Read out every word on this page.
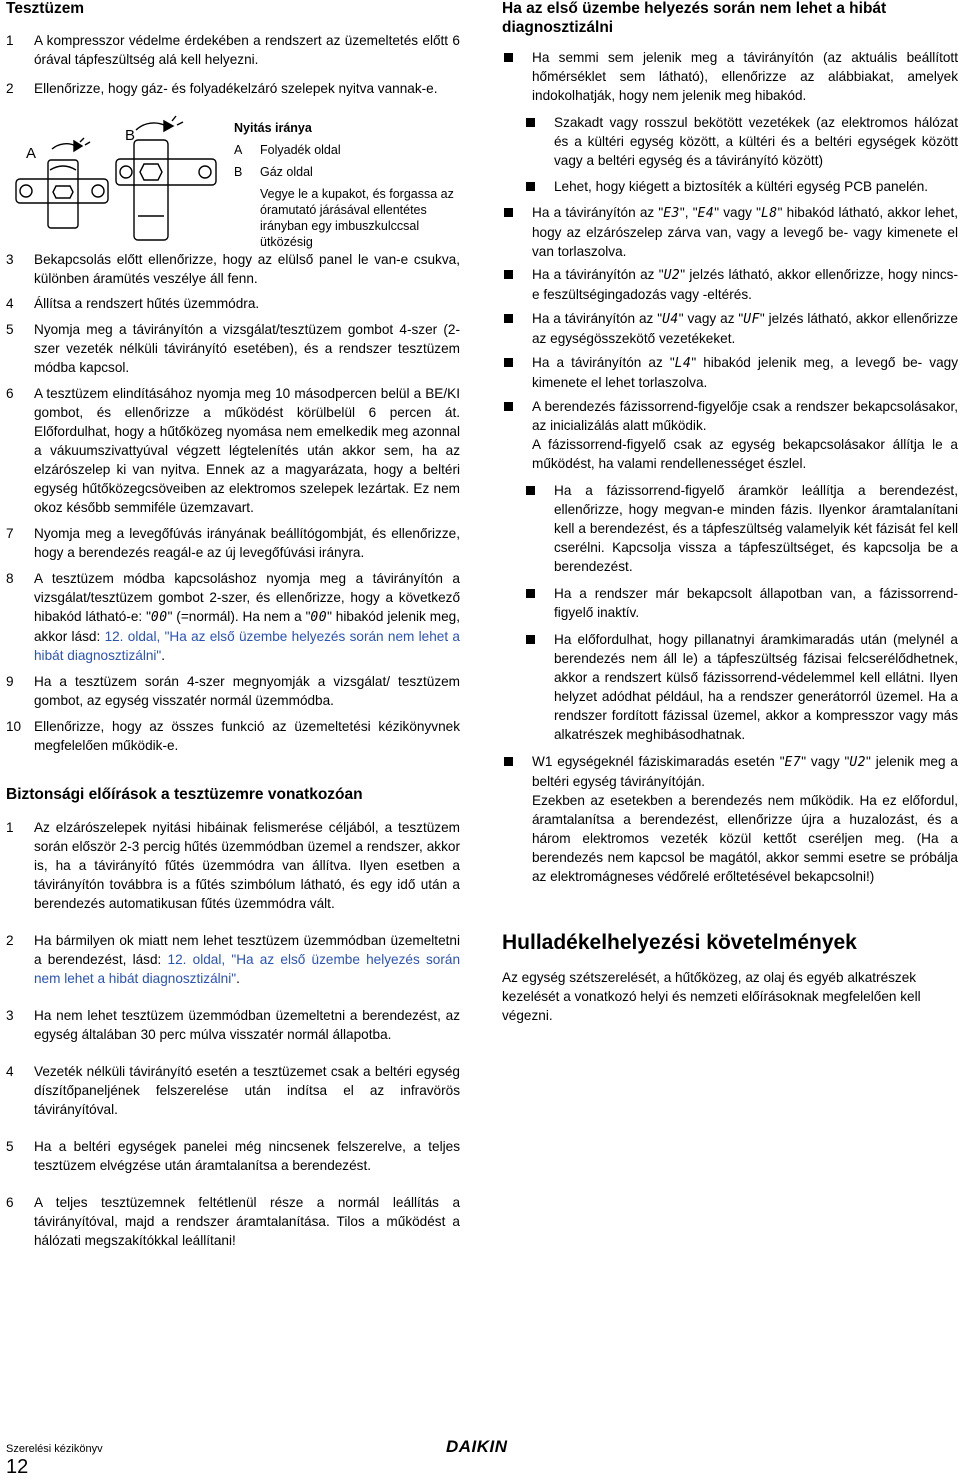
Tesztüzem
1 A kompresszor védelme érdekében a rendszert az üzemeltetés előtt 6 órával tápfeszültség alá kell helyezni.
2 Ellenőrizze, hogy gáz- és folyadékelzáró szelepek nyitva vannak-e.
A
B	Nyitás iránya
A Folyadék oldal
B Gáz oldal
Vegye le a kupakot, és forgassa az óramutató járásával ellentétes irányban egy imbuszkulccsal ütközésig
3 Bekapcsolás előtt ellenőrizze, hogy az elülső panel le van-e csukva, különben áramütés veszélye áll fenn.
4 Állítsa a rendszert hűtés üzemmódra.
5 Nyomja meg a távirányítón a vizsgálat/tesztüzem gombot 4-szer (2-szer vezeték nélküli távirányító esetében), és a rendszer tesztüzem módba kapcsol.
6 A tesztüzem elindításához nyomja meg 10 másodpercen belül a BE/KI gombot, és ellenőrizze a működést körülbelül 6 percen át. Előfordulhat, hogy a hűtőközeg nyomása nem emelkedik meg azonnal a vákuumszivattyúval végzett légtelenítés után akkor sem, ha az elzárószelep ki van nyitva. Ennek az a magyarázata, hogy a beltéri egység hűtőközegcsöveiben az elektromos szelepek lezártak. Ez nem okoz később semmiféle üzemzavart.
7 Nyomja meg a levegőfúvás irányának beállítógombját, és ellenőrizze, hogy a berendezés reagál-e az új levegőfúvási irányra.
8 A tesztüzem módba kapcsoláshoz nyomja meg a távirányítón a vizsgálat/tesztüzem gombot 2-szer, és ellenőrizze, hogy a következő hibakód látható-e: "00" (=normál). Ha nem a "00" hibakód jelenik meg, akkor lásd: 12. oldal, "Ha az első üzembe helyezés során nem lehet a hibát diagnosztizálni".
9 Ha a tesztüzem során 4-szer megnyomják a vizsgálat/ tesztüzem gombot, az egység visszatér normál üzemmódba.
10 Ellenőrizze, hogy az összes funkció az üzemeltetési kézikönyvnek megfelelően működik-e.
Biztonsági előírások a tesztüzemre vonatkozóan
1 Az elzárószelepek nyitási hibáinak felismerése céljából, a tesztüzem során először 2-3 percig hűtés üzemmódban üzemel a rendszer, akkor is, ha a távirányító fűtés üzemmódra van állítva. Ilyen esetben a távirányítón továbbra is a fűtés szimbólum látható, és egy idő után a berendezés automatikusan fűtés üzemmódra vált.
2 Ha bármilyen ok miatt nem lehet tesztüzem üzemmódban üzemeltetni a berendezést, lásd: 12. oldal, "Ha az első üzembe helyezés során nem lehet a hibát diagnosztizálni".
3 Ha nem lehet tesztüzem üzemmódban üzemeltetni a berendezést, az egység általában 30 perc múlva visszatér normál állapotba.
4 Vezeték nélküli távirányító esetén a tesztüzemet csak a beltéri egység díszítőpaneljének felszerelése után indítsa el az infravörös távirányítóval.
5 Ha a beltéri egységek panelei még nincsenek felszerelve, a teljes tesztüzem elvégzése után áramtalanítsa a berendezést.
6 A teljes tesztüzemnek feltétlenül része a normál leállítás a távirányítóval, majd a rendszer áramtalanítása. Tilos a működést a hálózati megszakítókkal leállítani!
Ha az első üzembe helyezés során nem lehet a hibát diagnosztizálni
Ha semmi sem jelenik meg a távirányítón (az aktuális beállított hőmérséklet sem látható), ellenőrizze az alábbiakat, amelyek indokolhatják, hogy nem jelenik meg hibakód.
Szakadt vagy rosszul bekötött vezetékek (az elektromos hálózat és a kültéri egység között, a kültéri és a beltéri egységek között vagy a beltéri egység és a távirányító között)
Lehet, hogy kiégett a biztosíték a kültéri egység PCB panelén.
Ha a távirányítón az "E3", "E4" vagy "L8" hibakód látható, akkor lehet, hogy az elzárószelep zárva van, vagy a levegő be- vagy kimenete el van torlaszolva.
Ha a távirányítón az "U2" jelzés látható, akkor ellenőrizze, hogy nincs-e feszültségingadozás vagy -eltérés.
Ha a távirányítón az "U4" vagy az "UF" jelzés látható, akkor ellenőrizze az egységösszekötő vezetékeket.
Ha a távirányítón az "L4" hibakód jelenik meg, a levegő be- vagy kimenete el lehet torlaszolva.
A berendezés fázissorrend-figyelője csak a rendszer bekapcsolásakor, az inicializálás alatt működik.

A fázissorrend-figyelő csak az egység bekapcsolásakor állítja le a működést, ha valami rendellenességet észlel.

Ha a fázissorrend-figyelő áramkör leállítja a berendezést, ellenőrizze, hogy megvan-e minden fázis. Ilyenkor áramtalanítani kell a berendezést, és a tápfeszültség valamelyik két fázisát fel kell cserélni. Kapcsolja vissza a tápfeszültséget, és kapcsolja be a berendezést.
Ha a rendszer már bekapcsolt állapotban van, a fázissorrend-figyelő inaktív.
Ha előfordulhat, hogy pillanatnyi áramkimaradás után (melynél a berendezés nem áll le) a tápfeszültség fázisai felcserélődhetnek, akkor a rendszert külső fázissorrend-védelemmel kell ellátni. Ilyen helyzet adódhat például, ha a rendszer generátorról üzemel. Ha a rendszer fordított fázissal üzemel, akkor a kompresszor vagy más alkatrészek meghibásodhatnak.
W1 egységeknél fáziskimaradás esetén "E7" vagy "U2" jelenik meg a beltéri egység távirányítóján.

Ezekben az esetekben a berendezés nem működik. Ha ez előfordul, áramtalanítsa a berendezést, ellenőrizze újra a huzalozást, és a három elektromos vezeték közül kettőt cseréljen meg. (Ha a berendezés nem kapcsol be magától, akkor semmi esetre se próbálja az elektromágneses védőrelé erőltetésével bekapcsolni!)

Hulladékelhelyezési követelmények

Az egység szétszerelését, a hűtőközeg, az olaj és egyéb alkatrészek kezelését a vonatkozó helyi és nemzeti előírásoknak megfelelően kell végezni.

Szerelési kézikönyv
12
DAIKIN
